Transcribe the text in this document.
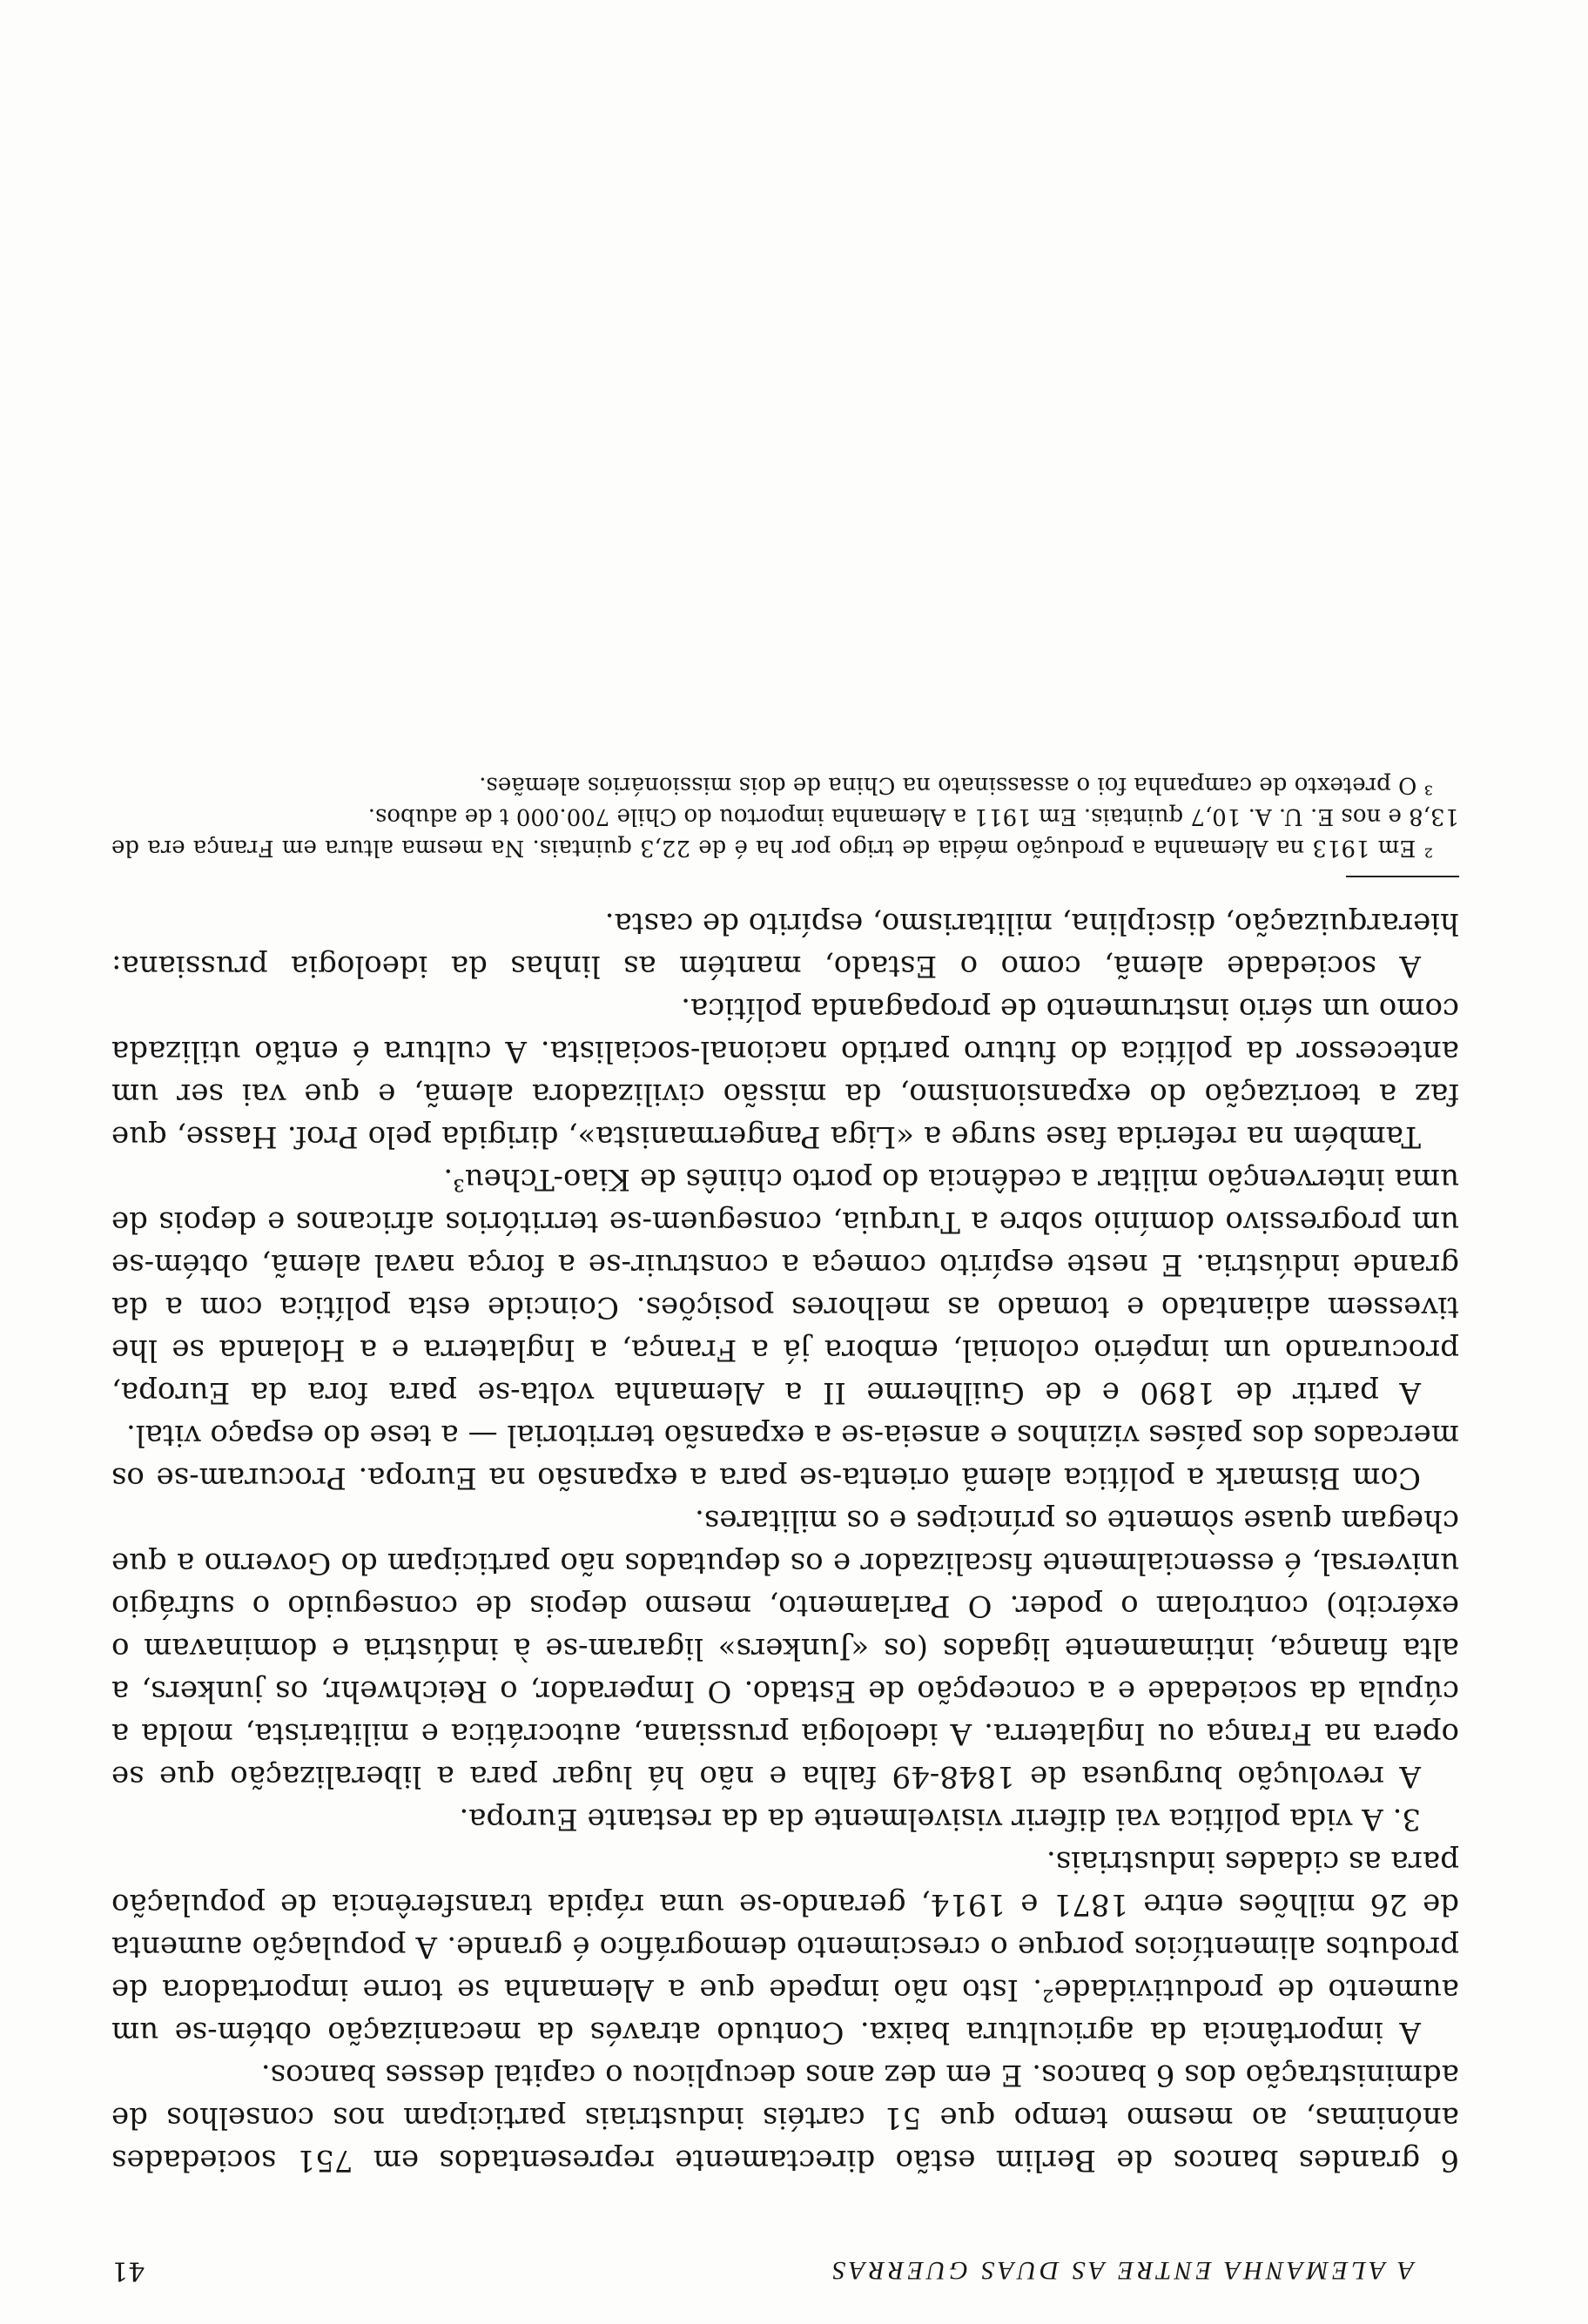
A ALEMANHA ENTRE AS DUAS GUERRAS
41

6 grandes bancos de Berlim estão directamente representados em 751 sociedades anónimas, ao mesmo tempo que 51 cartéis industriais participam nos conselhos de administração dos 6 bancos. E em dez anos decuplicou o capital desses bancos.

A importância da agricultura baixa. Contudo através da mecanização obtém-se um aumento de produtividade². Isto não impede que a Alemanha se torne importadora de produtos alimentícios porque o crescimento demográfico é grande. A população aumenta de 26 milhões entre 1871 e 1914, gerando-se uma rápida transferência de população para as cidades industriais.

3. A vida política vai diferir visivelmente da da restante Europa.

A revolução burguesa de 1848-49 falha e não há lugar para a liberalização que se opera na França ou Inglaterra. A ideologia prussiana, autocrática e militarista, molda a cúpula da sociedade e a concepção de Estado. O Imperador, o Reichwehr, os junkers, a alta finança, intimamente ligados (os «Junkers» ligaram-se à indústria e dominavam o exército) controlam o poder. O Parlamento, mesmo depois de conseguido o sufrágio universal, é essencialmente fiscalizador e os deputados não participam do Governo a que chegam quase sòmente os príncipes e os militares.

Com Bismark a política alemã orienta-se para a expansão na Europa. Procuram-se os mercados dos países vizinhos e anseia-se a expansão territorial — a tese do espaço vital.

A partir de 1890 e de Guilherme II a Alemanha volta-se para fora da Europa, procurando um império colonial, embora já a França, a Inglaterra e a Holanda se lhe tivessem adiantado e tomado as melhores posições. Coincide esta política com a da grande indústria. E neste espírito começa a construir-se a força naval alemã, obtém-se um progressivo domínio sobre a Turquia, conseguem-se territórios africanos e depois de uma intervenção militar a cedência do porto chinês de Kiao-Tcheu³.

Também na referida fase surge a «Liga Pangermanista», dirigida pelo Prof. Hasse, que faz a teorização do expansionismo, da missão civilizadora alemã, e que vai ser um antecessor da política do futuro partido nacional-socialista. A cultura é então utilizada como um sério instrumento de propaganda política.

A sociedade alemã, como o Estado, mantém as linhas da ideologia prussiana: hierarquização, disciplina, militarismo, espírito de casta.

² Em 1913 na Alemanha a produção média de trigo por ha é de 22,3 quintais. Na mesma altura em França era de 13,8 e nos E. U. A. 10,7 quintais. Em 1911 a Alemanha importou do Chile 700.000 t de adubos.

³ O pretexto de campanha foi o assassinato na China de dois missionários alemães.
